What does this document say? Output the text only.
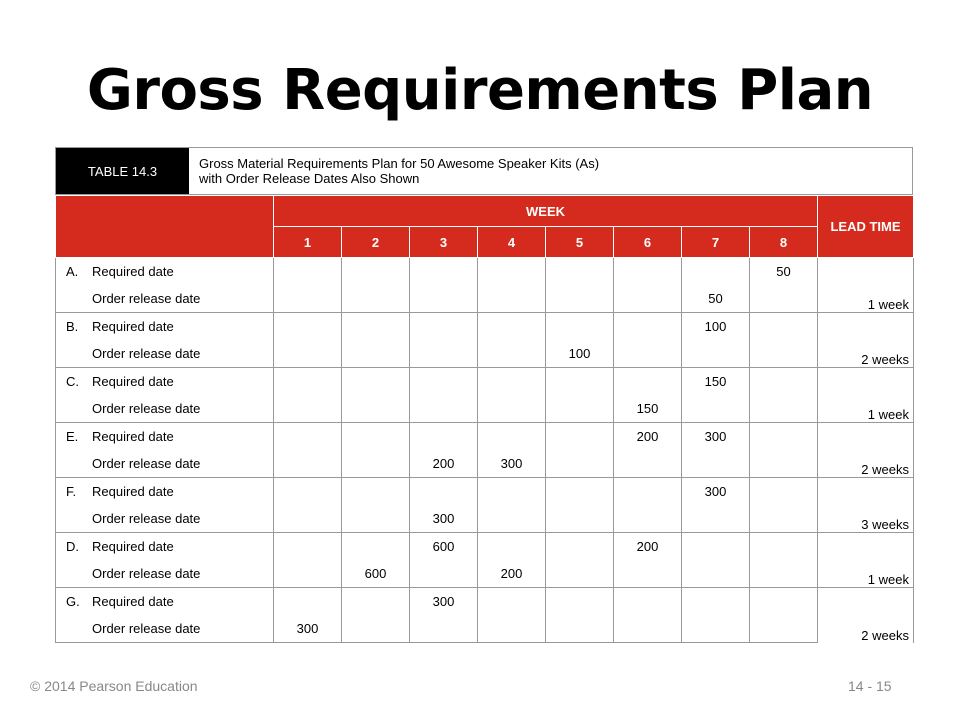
Gross Requirements Plan
TABLE 14.3	Gross Material Requirements Plan for 50 Awesome Speaker Kits (As)
with Order Release Dates Also Shown
	WEEK								LEAD TIME
	1	2	3	4	5	6	7	8	
A. Required date								50	1 week
Order release date							50		
B. Required date							100		2 weeks
Order release date					100				
C. Required date							150		1 week
Order release date						150			
E. Required date						200	300		2 weeks
Order release date			200	300					
F. Required date							300		3 weeks
Order release date			300						
D. Required date			600			200			1 week
Order release date		600		200					
G. Required date			300						2 weeks
Order release date	300								
© 2014 Pearson Education	14 - 15
